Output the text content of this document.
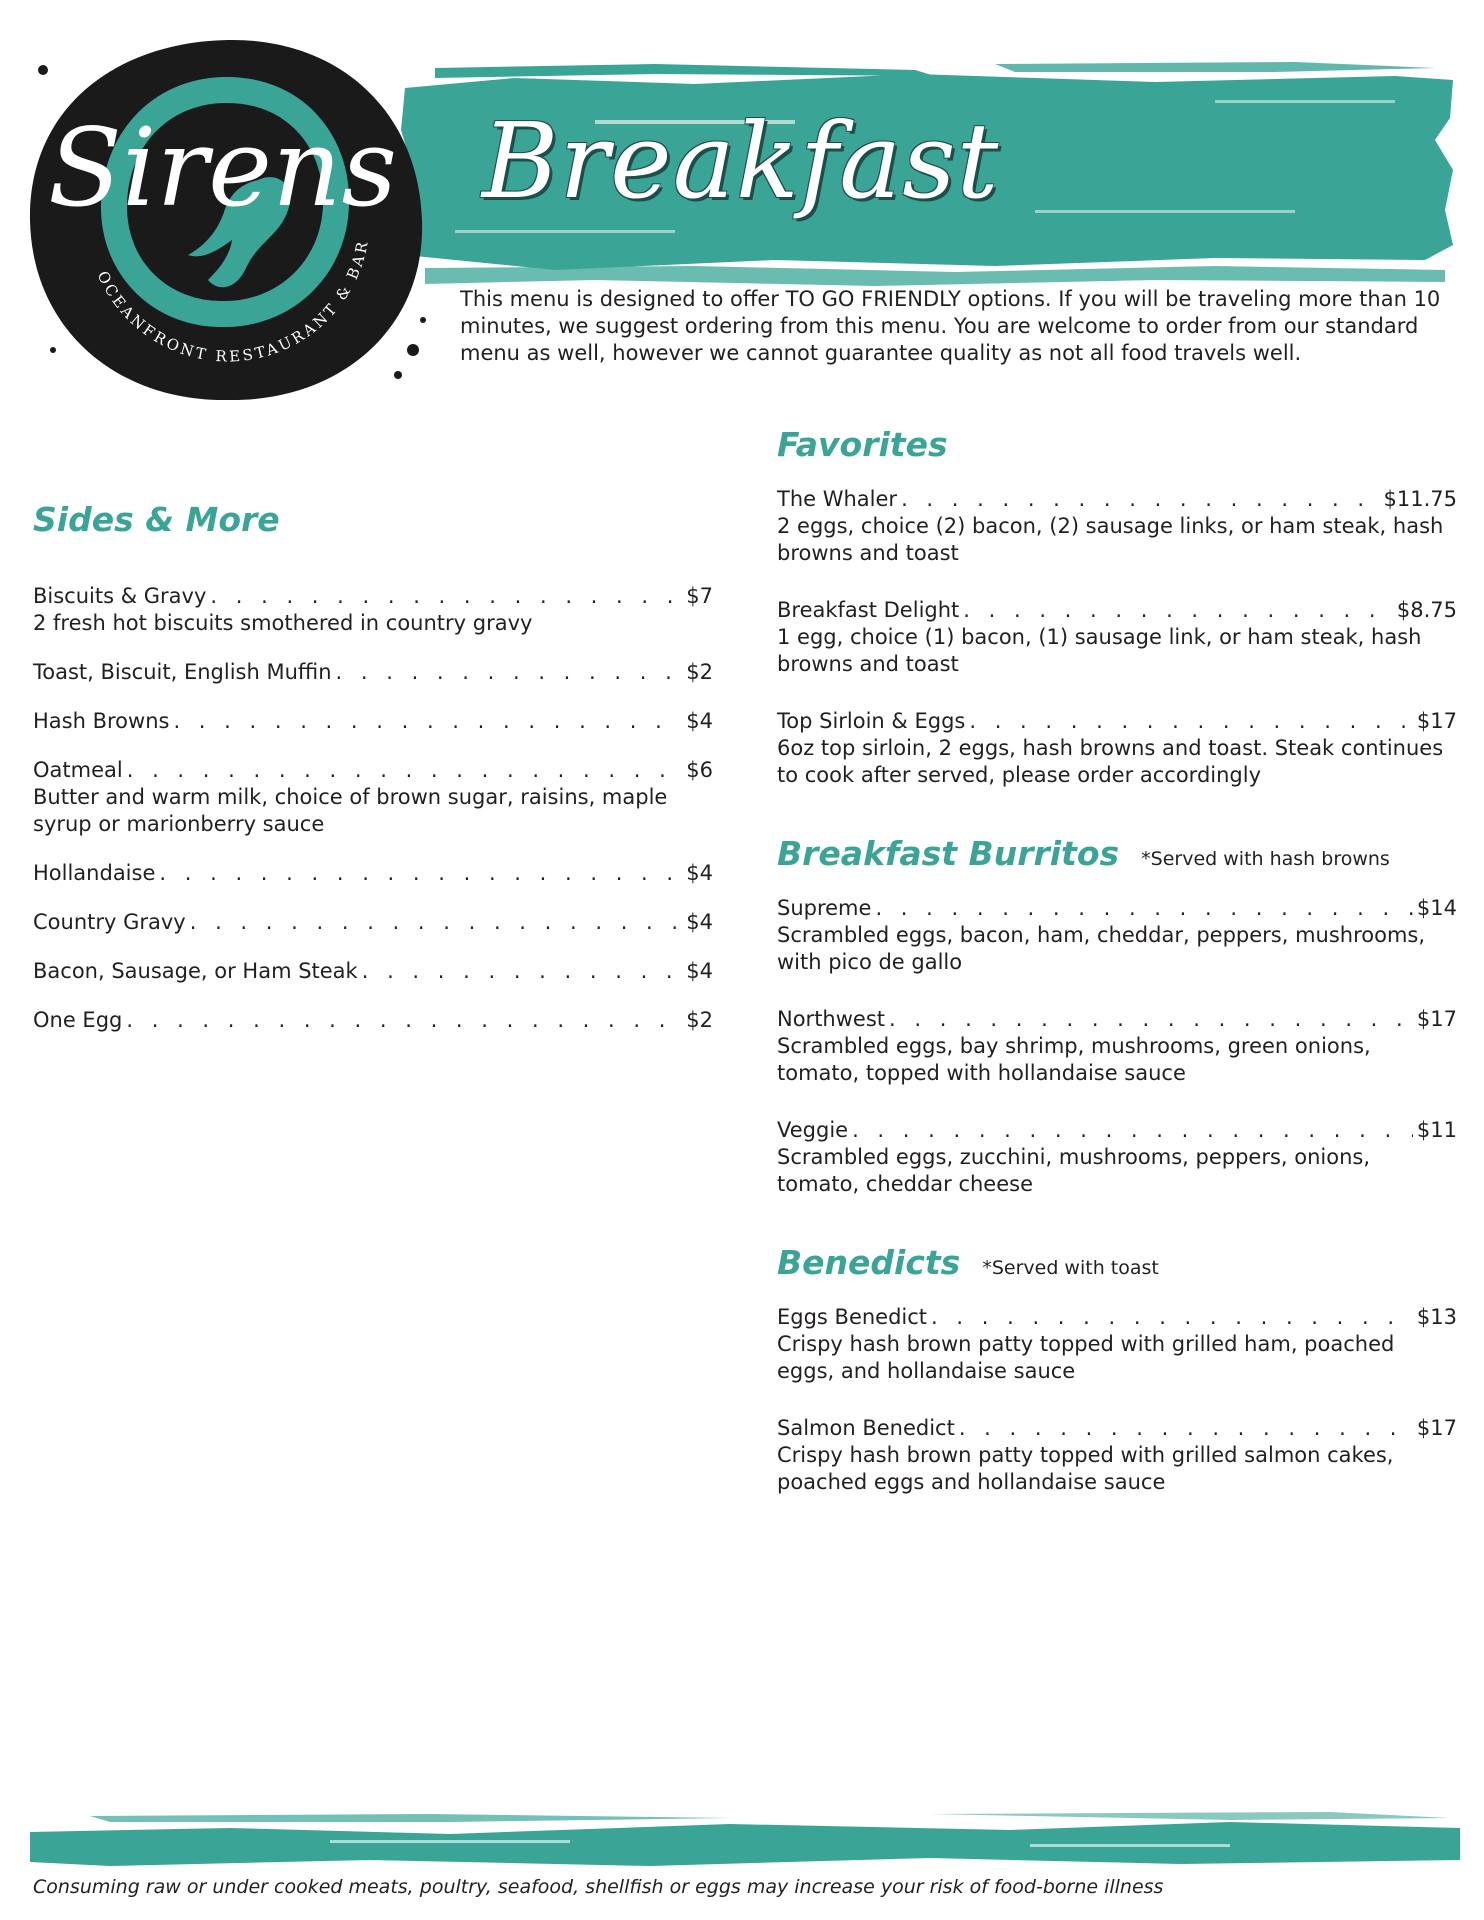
Breakfast
Sirens
OCEANFRONT RESTAURANT & BAR
This menu is designed to offer TO GO FRIENDLY options. If you will be traveling more than 10 minutes, we suggest ordering from this menu. You are welcome to order from our standard menu as well, however we cannot guarantee quality as not all food travels well.
Sides & More
Biscuits & Gravy . . .	$7
2 fresh hot biscuits smothered in country gravy
Toast, Biscuit, English Muffin . . .	$2
Hash Browns . . .	$4
Oatmeal . . .	$6
Butter and warm milk, choice of brown sugar, raisins, maple syrup or marionberry sauce
Hollandaise . . .	$4
Country Gravy . . .	$4
Bacon, Sausage, or Ham Steak . . .	$4
One Egg . . .	$2
Favorites
The Whaler . . .	$11.75
2 eggs, choice (2) bacon, (2) sausage links, or ham steak, hash browns and toast
Breakfast Delight . . .	$8.75
1 egg, choice (1) bacon, (1) sausage link, or ham steak, hash browns and toast
Top Sirloin & Eggs . . .	$17
6oz top sirloin, 2 eggs, hash browns and toast. Steak continues to cook after served, please order accordingly
Breakfast Burritos *Served with hash browns
Supreme . . .	$14
Scrambled eggs, bacon, ham, cheddar, peppers, mushrooms, with pico de gallo
Northwest . . .	$17
Scrambled eggs, bay shrimp, mushrooms, green onions, tomato, topped with hollandaise sauce
Veggie . . .	$11
Scrambled eggs, zucchini, mushrooms, peppers, onions, tomato, cheddar cheese
Benedicts *Served with toast
Eggs Benedict . . .	$13
Crispy hash brown patty topped with grilled ham, poached eggs, and hollandaise sauce
Salmon Benedict . . .	$17
Crispy hash brown patty topped with grilled salmon cakes, poached eggs and hollandaise sauce
Consuming raw or under cooked meats, poultry, seafood, shellfish or eggs may increase your risk of food-borne illness
